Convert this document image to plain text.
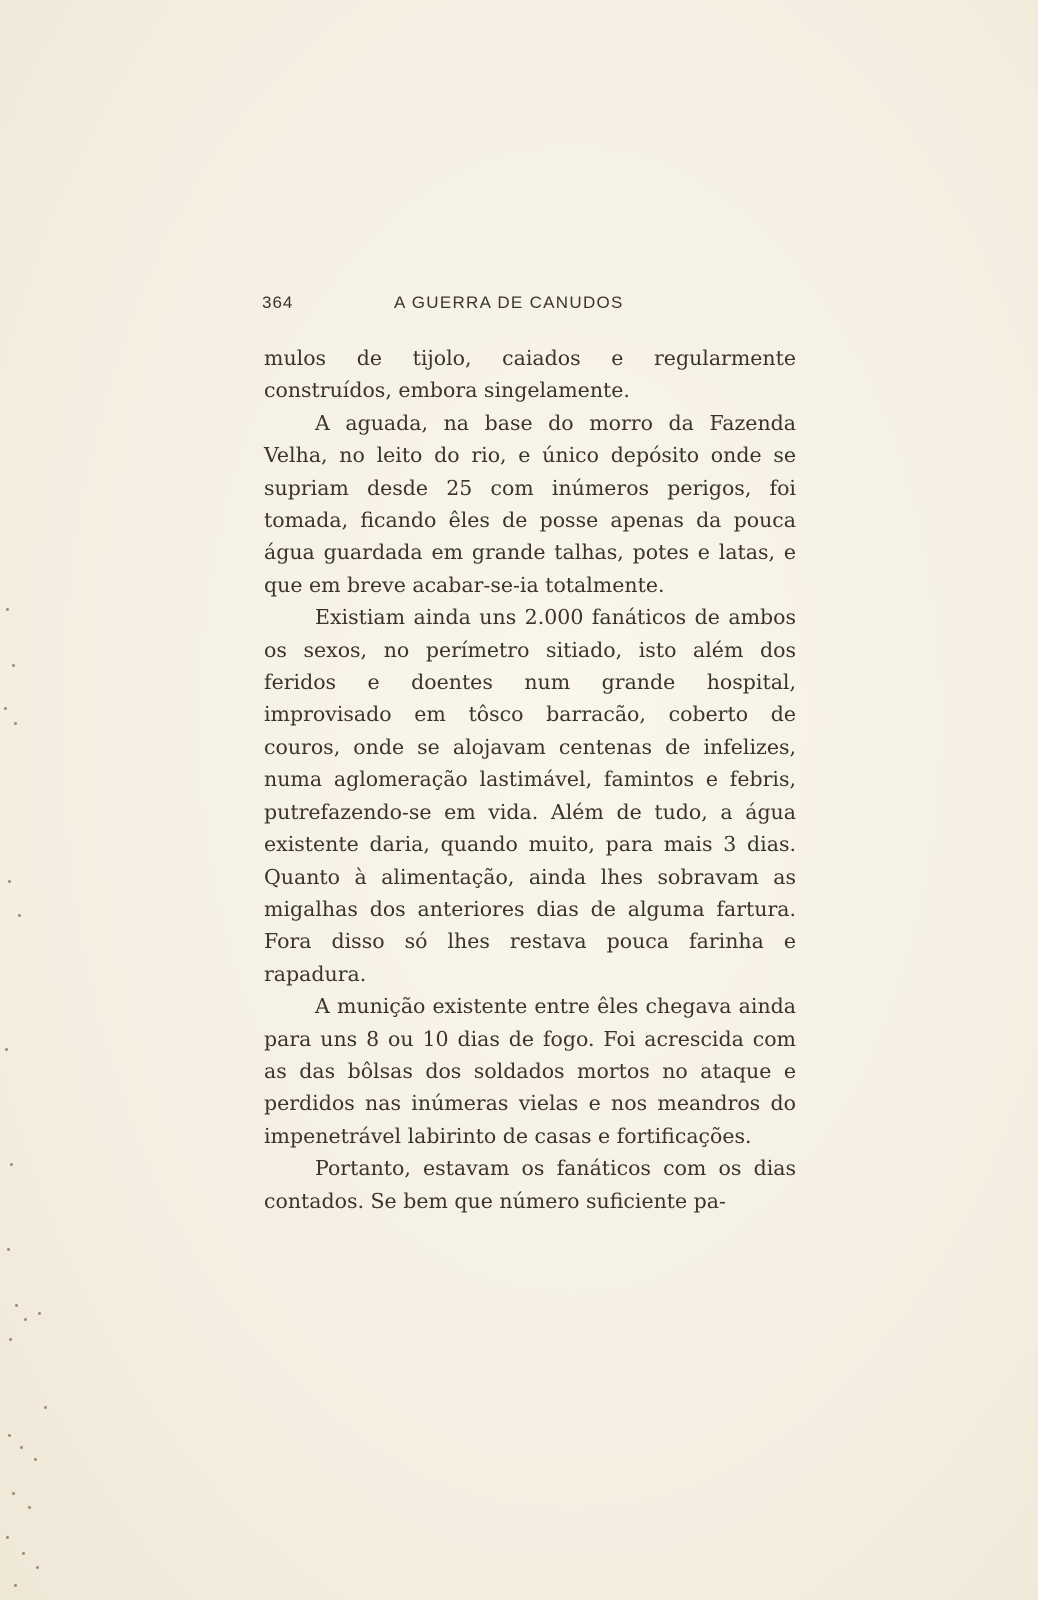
364	A GUERRA DE CANUDOS

mulos de tijolo, caiados e regularmente construídos, embora singelamente.

A aguada, na base do morro da Fazenda Velha, no leito do rio, e único depósito onde se supriam desde 25 com inúmeros perigos, foi tomada, ficando êles de posse apenas da pouca água guardada em grande talhas, potes e latas, e que em breve acabar-se-ia totalmente.

Existiam ainda uns 2.000 fanáticos de ambos os sexos, no perímetro sitiado, isto além dos feridos e doentes num grande hospital, improvisado em tôsco barracão, coberto de couros, onde se alojavam centenas de infelizes, numa aglomeração lastimável, famintos e febris, putrefazendo-se em vida. Além de tudo, a água existente daria, quando muito, para mais 3 dias. Quanto à alimentação, ainda lhes sobravam as migalhas dos anteriores dias de alguma fartura. Fora disso só lhes restava pouca farinha e rapadura.

A munição existente entre êles chegava ainda para uns 8 ou 10 dias de fogo. Foi acrescida com as das bôlsas dos soldados mortos no ataque e perdidos nas inúmeras vielas e nos meandros do impenetrável labirinto de casas e fortificações.

Portanto, estavam os fanáticos com os dias contados. Se bem que número suficiente pa-
